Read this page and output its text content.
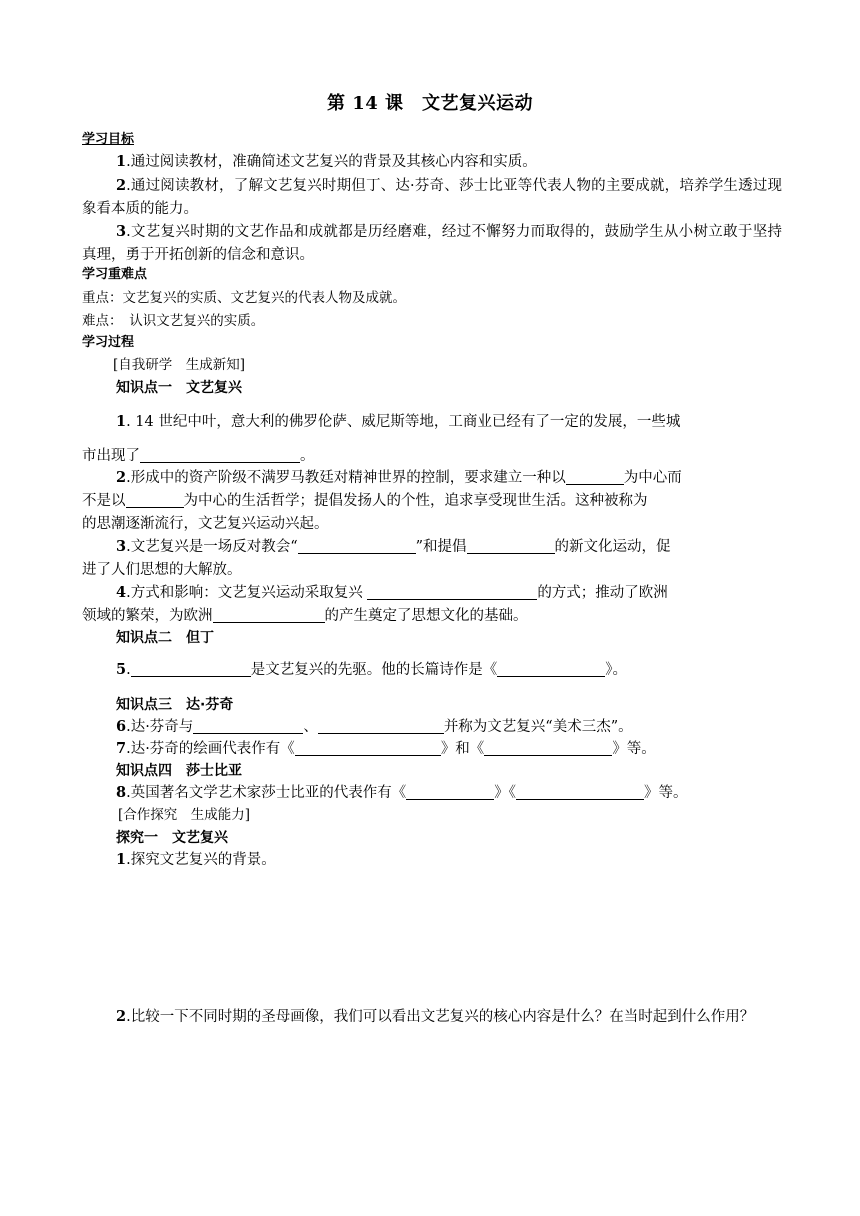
第 14 课　文艺复兴运动
学习目标
1.通过阅读教材，准确简述文艺复兴的背景及其核心内容和实质。
2.通过阅读教材，了解文艺复兴时期但丁、达·芬奇、莎士比亚等代表人物的主要成就，培养学生透过现象看本质的能力。
3.文艺复兴时期的文艺作品和成就都是历经磨难，经过不懈努力而取得的，鼓励学生从小树立敢于坚持真理，勇于开拓创新的信念和意识。
学习重难点
重点：文艺复兴的实质、文艺复兴的代表人物及成就。
难点：　认识文艺复兴的实质。
学习过程
[自我研学　生成新知]
知识点一　文艺复兴
1. 14 世纪中叶，意大利的佛罗伦萨、威尼斯等地，工商业已经有了一定的发展，一些城
市出现了	。
2.形成中的资产阶级不满罗马教廷对精神世界的控制，要求建立一种以	为中心而
不是以	为中心的生活哲学；提倡发扬人的个性，追求享受现世生活。这种被称为
的思潮逐渐流行，文艺复兴运动兴起。
3.文艺复兴是一场反对教会“	”和提倡	的新文化运动，促
进了人们思想的大解放。
4.方式和影响：文艺复兴运动采取复兴	的方式；推动了欧洲
领域的繁荣，为欧洲	的产生奠定了思想文化的基础。
知识点二　但丁
5.	是文艺复兴的先驱。他的长篇诗作是《	》。
知识点三　达·芬奇
6.达·芬奇与	、	并称为文艺复兴“美术三杰”。
7.达·芬奇的绘画代表作有《	》和《	》等。
知识点四　莎士比亚
8.英国著名文学艺术家莎士比亚的代表作有《	》《	》等。
[合作探究　生成能力]
探究一　文艺复兴
1.探究文艺复兴的背景。
2.比较一下不同时期的圣母画像，我们可以看出文艺复兴的核心内容是什么？在当时起到什么作用？
